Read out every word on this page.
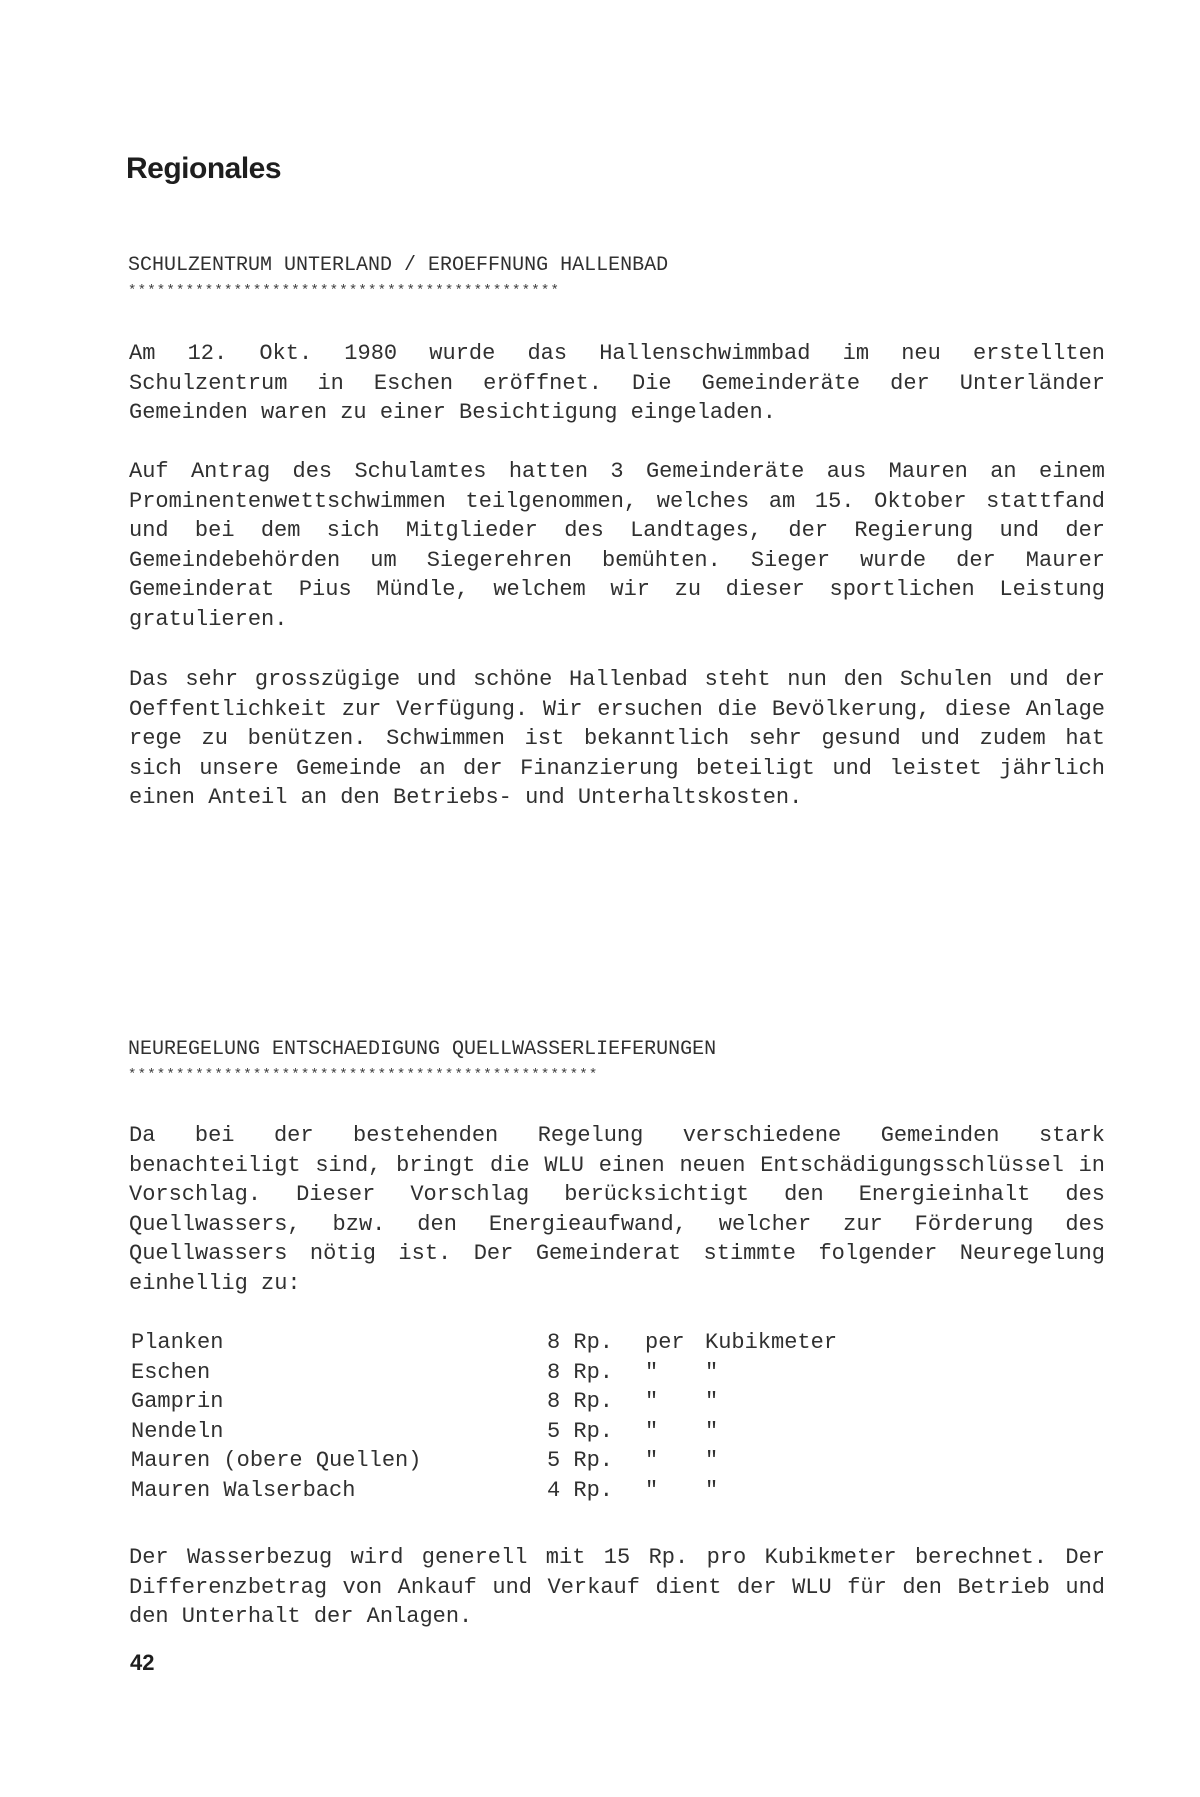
Regionales

SCHULZENTRUM UNTERLAND / EROEFFNUNG HALLENBAD

*********************************************

Am 12. Okt. 1980 wurde das Hallenschwimmbad im neu erstellten Schulzentrum in Eschen eröffnet. Die Gemeinderäte der Unterländer Gemeinden waren zu einer Besichtigung eingeladen.

Auf Antrag des Schulamtes hatten 3 Gemeinderäte aus Mauren an einem Prominentenwettschwimmen teilgenommen, welches am 15. Oktober stattfand und bei dem sich Mitglieder des Landtages, der Regierung und der Gemeindebehörden um Siegerehren bemühten. Sieger wurde der Maurer Gemeinderat Pius Mündle, welchem wir zu dieser sportlichen Leistung gratulieren.

Das sehr grosszügige und schöne Hallenbad steht nun den Schulen und der Oeffentlichkeit zur Verfügung. Wir ersuchen die Bevölkerung, diese Anlage rege zu benützen. Schwimmen ist bekanntlich sehr gesund und zudem hat sich unsere Gemeinde an der Finanzierung beteiligt und leistet jährlich einen Anteil an den Betriebs- und Unterhaltskosten.

NEUREGELUNG ENTSCHAEDIGUNG QUELLWASSERLIEFERUNGEN

*************************************************

Da bei der bestehenden Regelung verschiedene Gemeinden stark benachteiligt sind, bringt die WLU einen neuen Entschädigungsschlüssel in Vorschlag. Dieser Vorschlag berücksichtigt den Energieinhalt des Quellwassers, bzw. den Energieaufwand, welcher zur Förderung des Quellwassers nötig ist. Der Gemeinderat stimmte folgender Neuregelung einhellig zu:

Planken	8 Rp.	per	Kubikmeter
Eschen	8 Rp.	"	"
Gamprin	8 Rp.	"	"
Nendeln	5 Rp.	"	"
Mauren (obere Quellen)	5 Rp.	"	"
Mauren Walserbach	4 Rp.	"	"

Der Wasserbezug wird generell mit 15 Rp. pro Kubikmeter berechnet. Der Differenzbetrag von Ankauf und Verkauf dient der WLU für den Betrieb und den Unterhalt der Anlagen.

42
